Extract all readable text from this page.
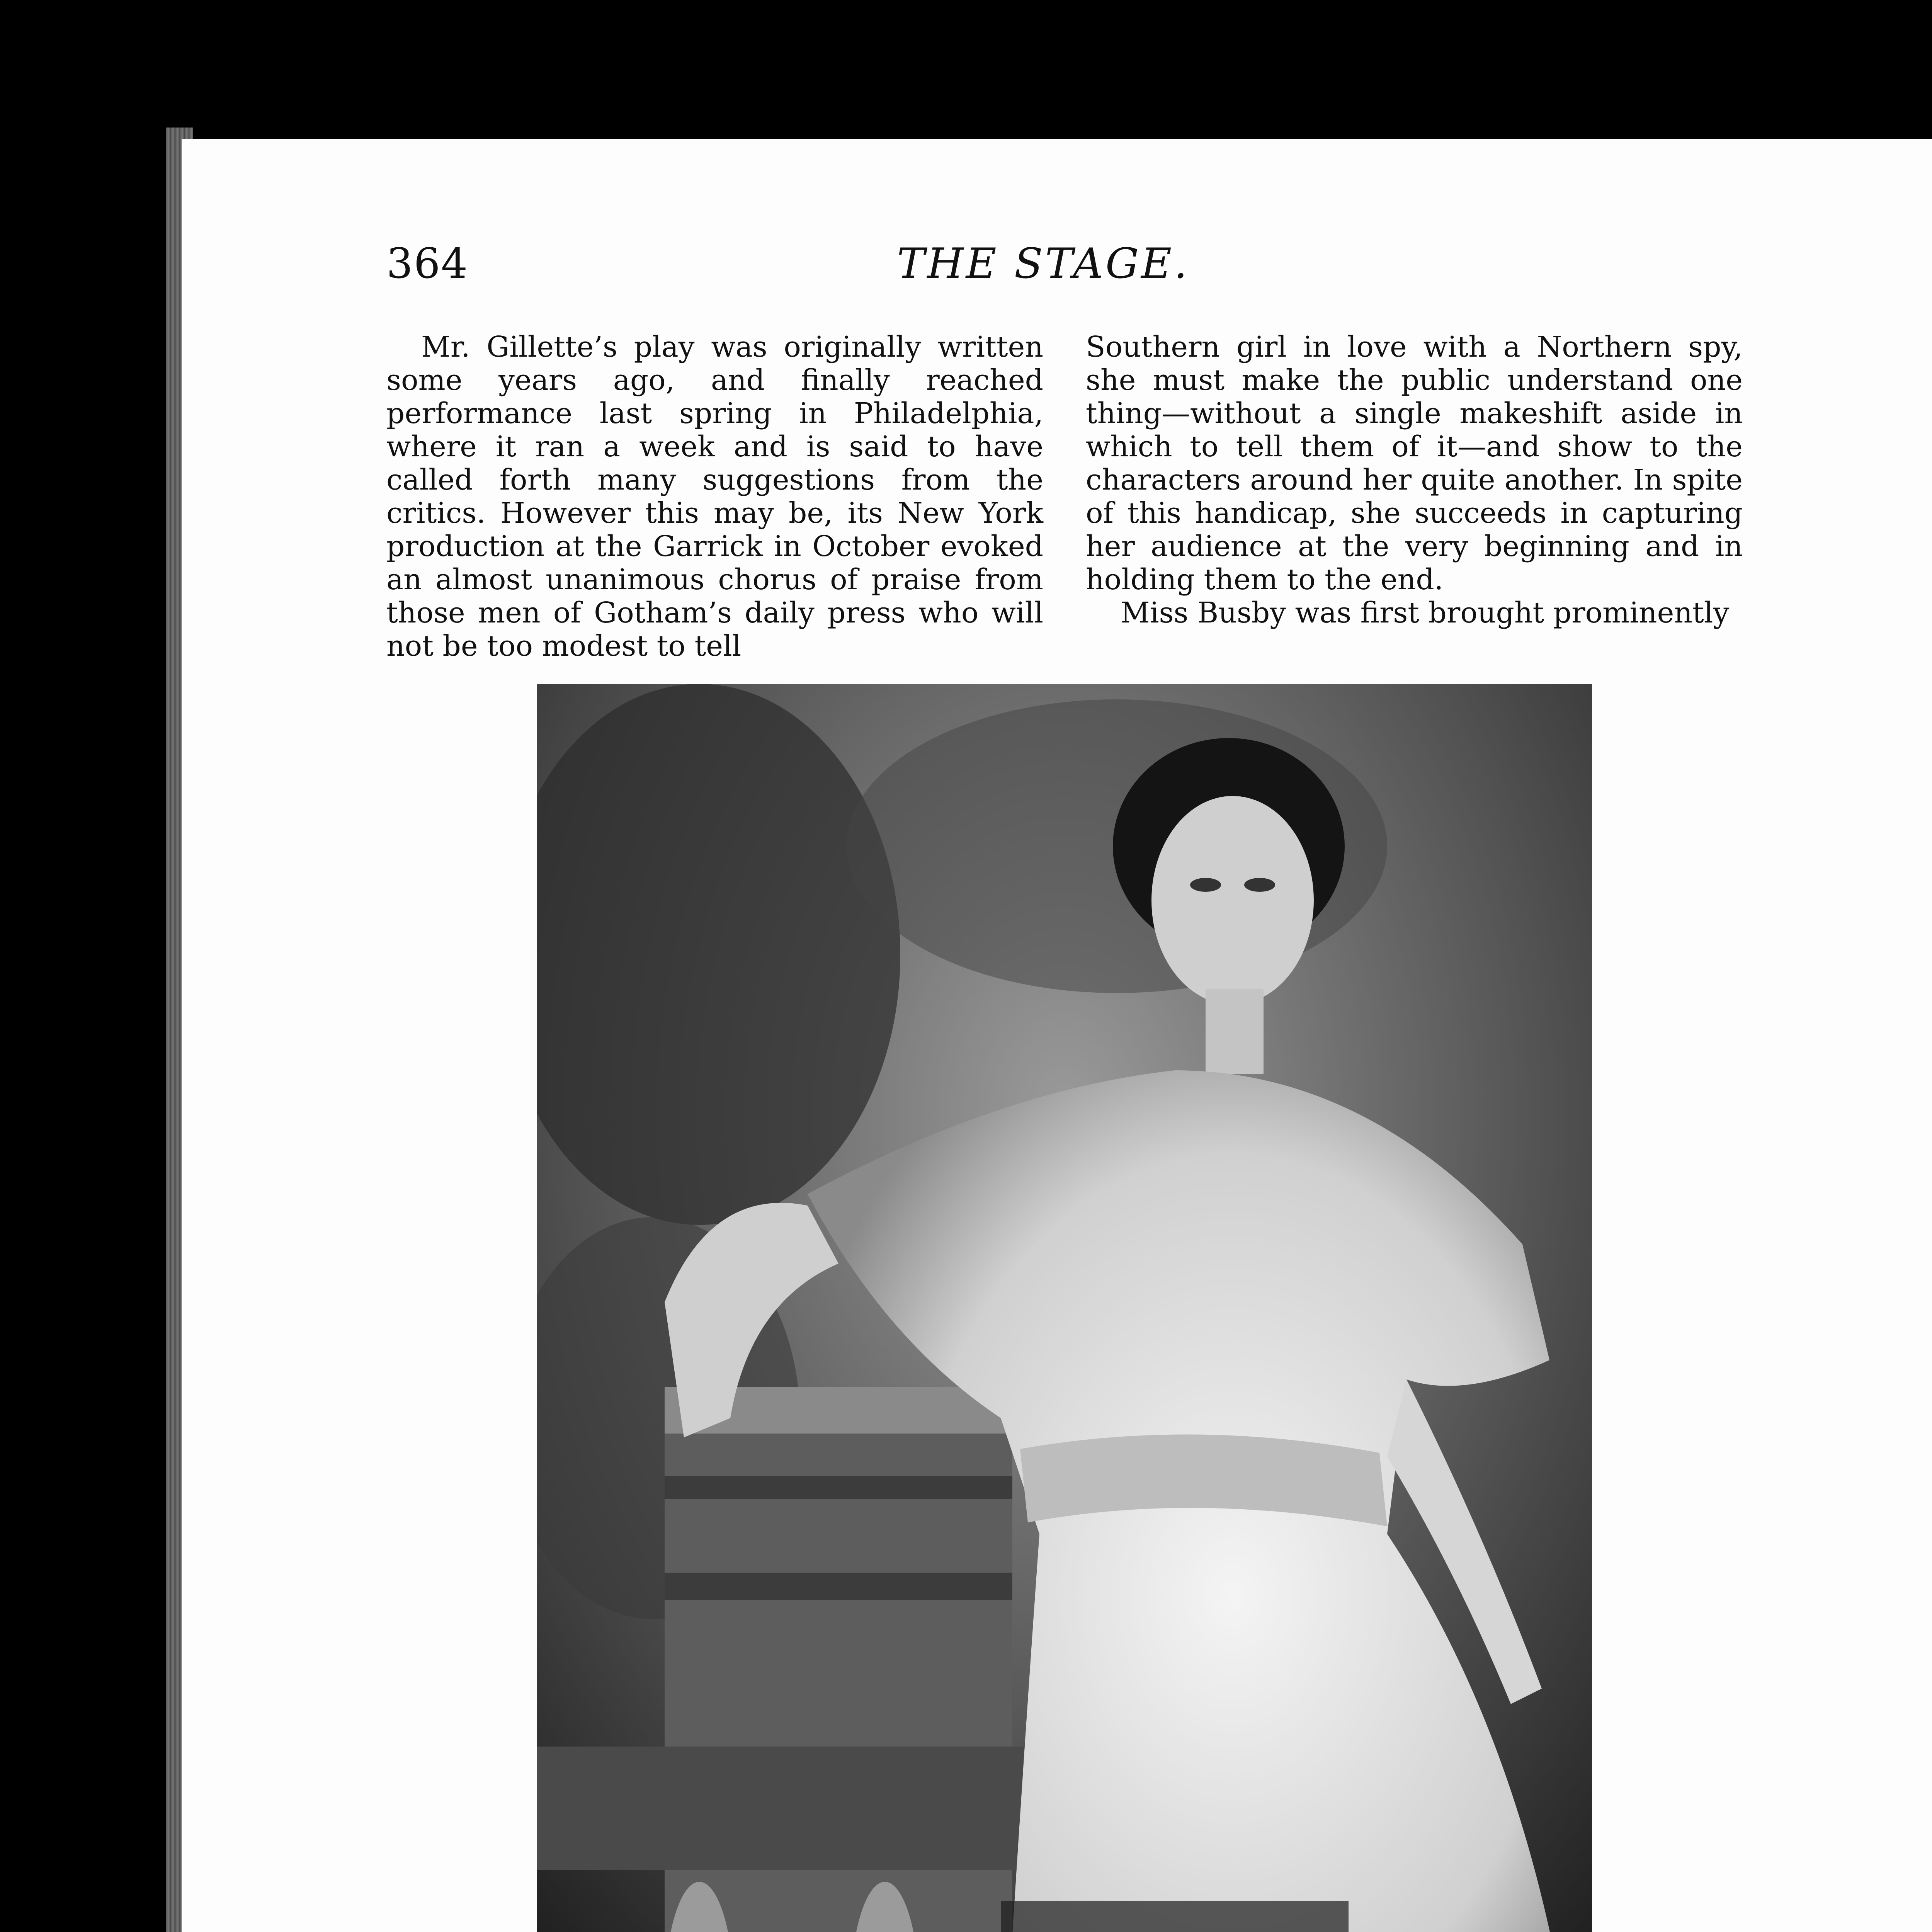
364	THE STAGE.

Mr. Gillette’s play was originally written some years ago, and finally reached performance last spring in Philadelphia, where it ran a week and is said to have called forth many suggestions from the critics. However this may be, its New York production at the Garrick in October evoked an almost unanimous chorus of praise from those men of Gotham’s daily press who will not be too modest to tell

Southern girl in love with a Northern spy, she must make the public understand one thing—without a single makeshift aside in which to tell them of it—and show to the characters around her quite another. In spite of this handicap, she succeeds in capturing her audience at the very beginning and in holding them to the end.

Miss Busby was first brought prominently
